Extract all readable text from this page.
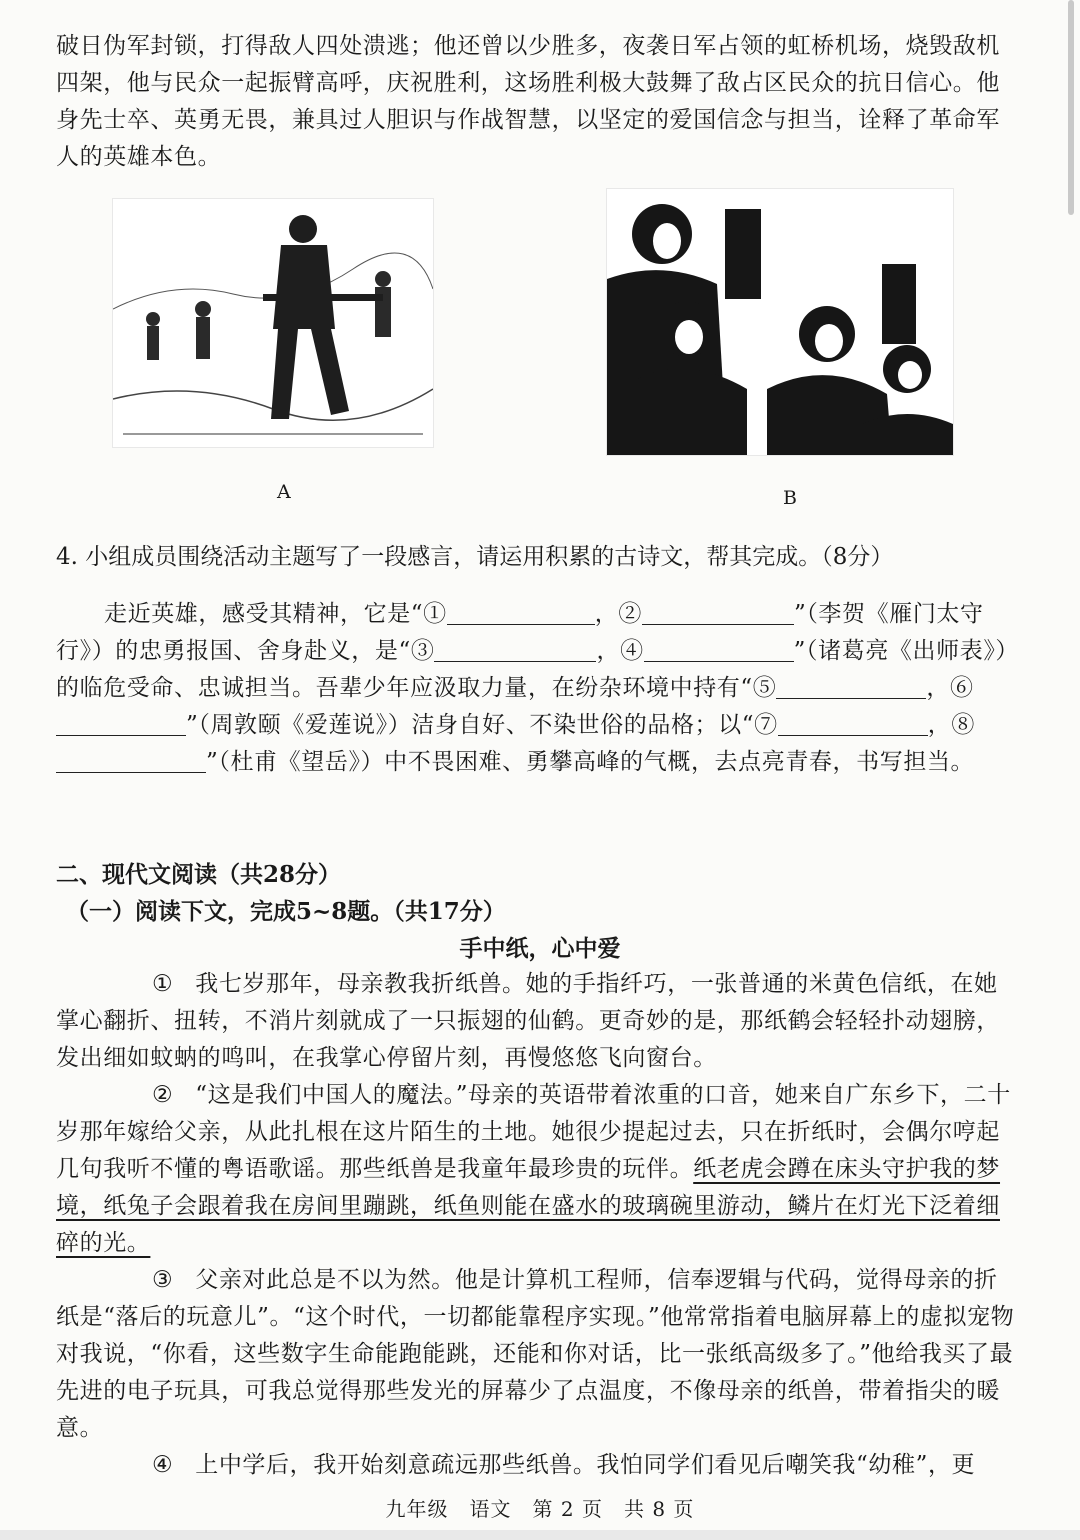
破日伪军封锁，打得敌人四处溃逃；他还曾以少胜多，夜袭日军占领的虹桥机场，烧毁敌机四架，他与民众一起振臂高呼，庆祝胜利，这场胜利极大鼓舞了敌占区民众的抗日信心。他身先士卒、英勇无畏，兼具过人胆识与作战智慧，以坚定的爱国信念与担当，诠释了革命军人的英雄本色。
A	B
4. 小组成员围绕活动主题写了一段感言，请运用积累的古诗文，帮其完成。（8分）

走近英雄，感受其精神，它是“①	，②	”（李贺《雁门太守行》）的忠勇报国、舍身赴义，是“③	，④	”（诸葛亮《出师表》）的临危受命、忠诚担当。吾辈少年应汲取力量，在纷杂环境中持有“⑤	，⑥”（周敦颐《爱莲说》）洁身自好、不染世俗的品格；以“⑦	，⑧”（杜甫《望岳》）中不畏困难、勇攀高峰的气概，去点亮青春，书写担当。

二、现代文阅读（共28分）
（一）阅读下文，完成5~8题。（共17分）
手中纸，心中爱

① 我七岁那年，母亲教我折纸兽。她的手指纤巧，一张普通的米黄色信纸，在她掌心翻折、扭转，不消片刻就成了一只振翅的仙鹤。更奇妙的是，那纸鹤会轻轻扑动翅膀，发出细如蚊蚋的鸣叫，在我掌心停留片刻，再慢悠悠飞向窗台。

② “这是我们中国人的魔法。”母亲的英语带着浓重的口音，她来自广东乡下，二十岁那年嫁给父亲，从此扎根在这片陌生的土地。她很少提起过去，只在折纸时，会偶尔哼起几句我听不懂的粤语歌谣。那些纸兽是我童年最珍贵的玩伴。纸老虎会蹲在床头守护我的梦境，纸兔子会跟着我在房间里蹦跳，纸鱼则能在盛水的玻璃碗里游动，鳞片在灯光下泛着细碎的光。

③ 父亲对此总是不以为然。他是计算机工程师，信奉逻辑与代码，觉得母亲的折纸是“落后的玩意儿”。“这个时代，一切都能靠程序实现。”他常常指着电脑屏幕上的虚拟宠物对我说，“你看，这些数字生命能跑能跳，还能和你对话，比一张纸高级多了。”他给我买了最先进的电子玩具，可我总觉得那些发光的屏幕少了点温度，不像母亲的纸兽，带着指尖的暖意。

④ 上中学后，我开始刻意疏远那些纸兽。我怕同学们看见后嘲笑我“幼稚”，更

九年级　语文　第 2 页　共 8 页
